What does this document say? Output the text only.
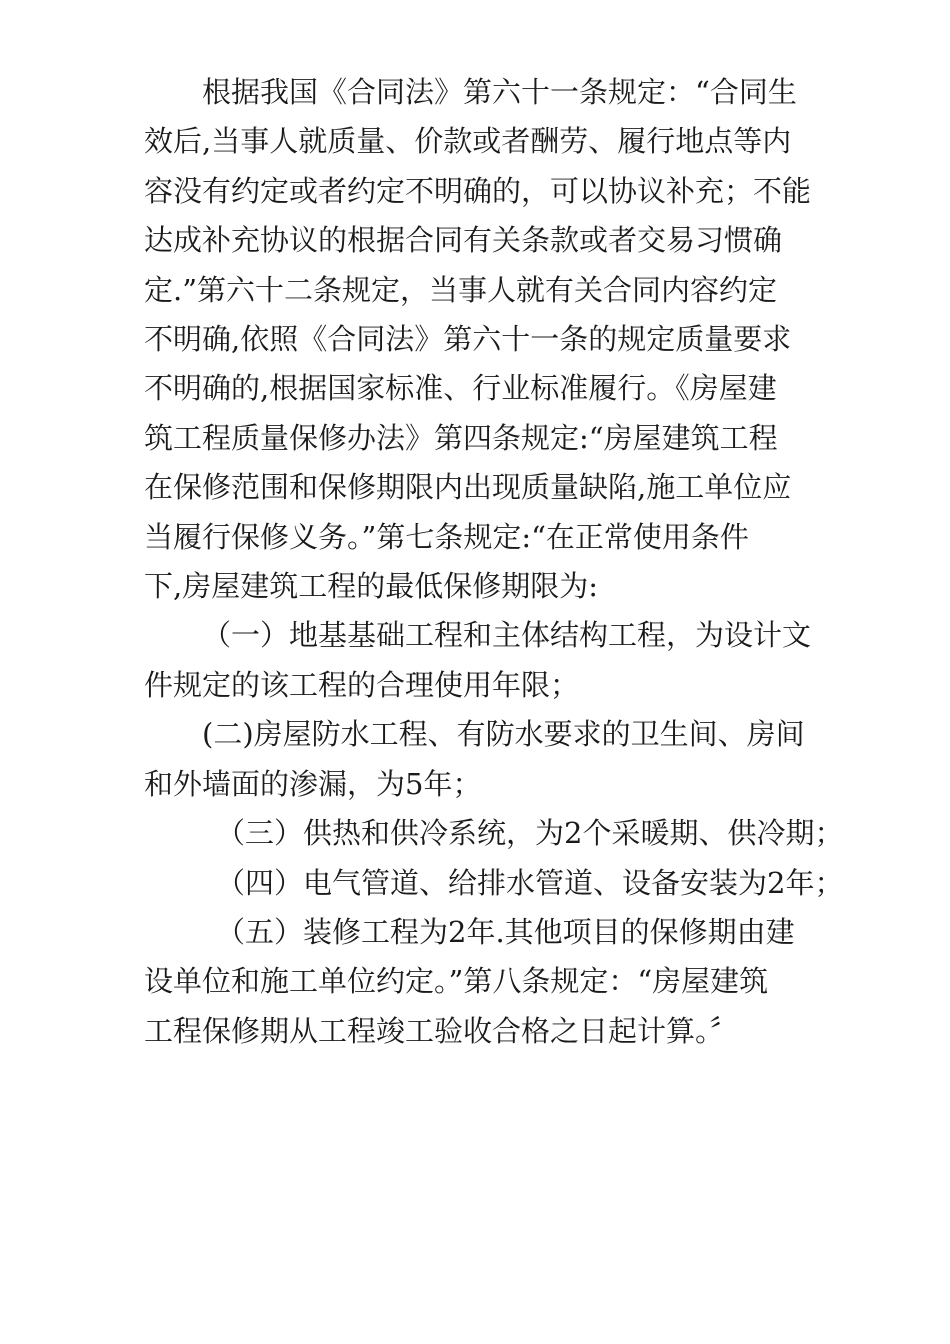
根据我国《合同法》第六十一条规定：“合同生
效后,当事人就质量、价款或者酬劳、履行地点等内
容没有约定或者约定不明确的，可以协议补充；不能
达成补充协议的根据合同有关条款或者交易习惯确
定.”第六十二条规定，当事人就有关合同内容约定
不明确,依照《合同法》第六十一条的规定质量要求
不明确的,根据国家标准、行业标准履行。《房屋建
筑工程质量保修办法》第四条规定:“房屋建筑工程
在保修范围和保修期限内出现质量缺陷,施工单位应
当履行保修义务。”第七条规定:“在正常使用条件
下,房屋建筑工程的最低保修期限为:
（一）地基基础工程和主体结构工程，为设计文
件规定的该工程的合理使用年限；
(二)房屋防水工程、有防水要求的卫生间、房间
和外墙面的渗漏，为5年；
（三）供热和供冷系统，为2个采暖期、供冷期；
（四）电气管道、给排水管道、设备安装为2年；
（五）装修工程为2年.其他项目的保修期由建
设单位和施工单位约定。”第八条规定：“房屋建筑
工程保修期从工程竣工验收合格之日起计算。〞
